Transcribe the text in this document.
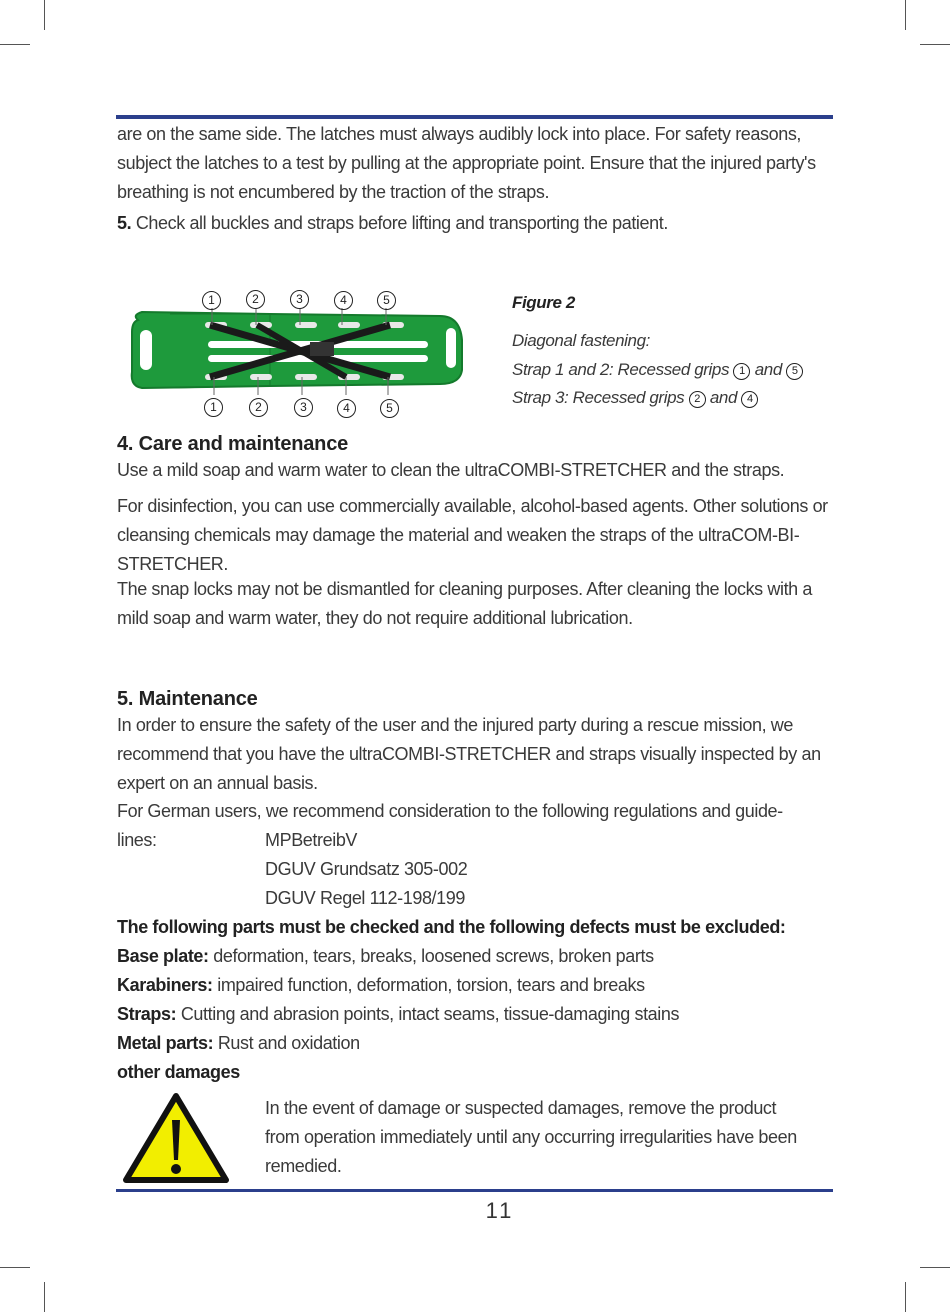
are on the same side. The latches must always audibly lock into place. For safety reasons, subject the latches to a test by pulling at the appropriate point. Ensure that the injured party's breathing is not encumbered by the traction of the straps.
5. Check all buckles and straps before lifting and transporting the patient.
1	2	3	4	5
1	2	3	4	5
Figure 2
Diagonal fastening:
Strap 1 and 2: Recessed grips 1 and 5
Strap 3: Recessed grips 2 and 4
4. Care and maintenance
Use a mild soap and warm water to clean the ultraCOMBI-STRETCHER and the straps.
For disinfection, you can use commercially available, alcohol-based agents. Other solutions or cleansing chemicals may damage the material and weaken the straps of the ultraCOM-BI-STRETCHER.
The snap locks may not be dismantled for cleaning purposes. After cleaning the locks with a mild soap and warm water, they do not require additional lubrication.
5. Maintenance
In order to ensure the safety of the user and the injured party during a rescue mission, we recommend that you have the ultraCOMBI-STRETCHER and straps visually inspected by an expert on an annual basis.
For German users, we recommend consideration to the following regulations and guide-
lines:	MPBetreibV
DGUV Grundsatz 305-002
DGUV Regel 112-198/199
The following parts must be checked and the following defects must be excluded:
Base plate: deformation, tears, breaks, loosened screws, broken parts
Karabiners: impaired function, deformation, torsion, tears and breaks
Straps: Cutting and abrasion points, intact seams, tissue-damaging stains
Metal parts: Rust and oxidation
other damages
In the event of damage or suspected damages, remove the product from operation immediately until any occurring irregularities have been remedied.
11
